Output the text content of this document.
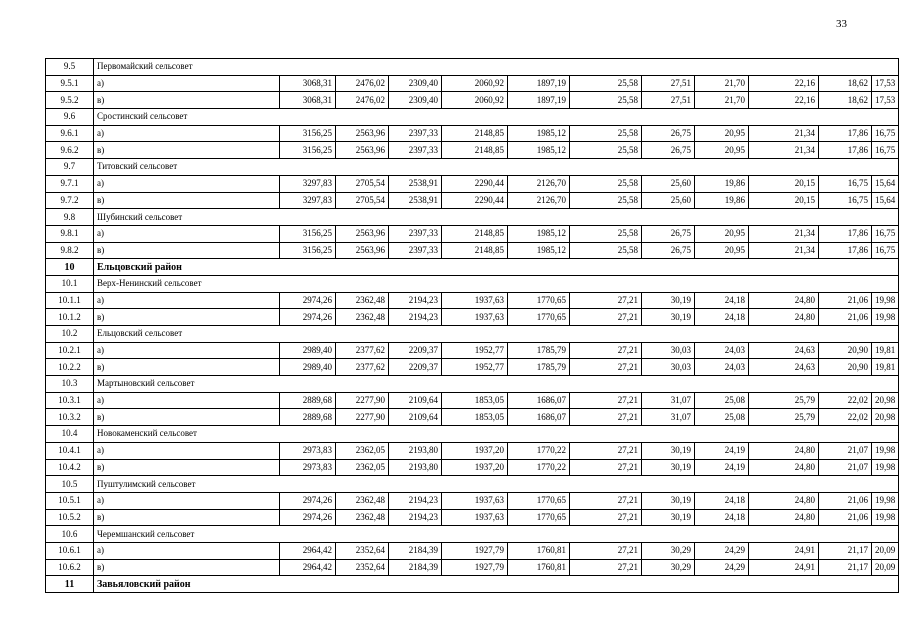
33
9.5	Первомайский сельсовет											
9.5.1	а)	3068,31	2476,02	2309,40	2060,92	1897,19	25,58	27,51	21,70	22,16	18,62	17,53
9.5.2	в)	3068,31	2476,02	2309,40	2060,92	1897,19	25,58	27,51	21,70	22,16	18,62	17,53
9.6	Сростинский сельсовет											
9.6.1	а)	3156,25	2563,96	2397,33	2148,85	1985,12	25,58	26,75	20,95	21,34	17,86	16,75
9.6.2	в)	3156,25	2563,96	2397,33	2148,85	1985,12	25,58	26,75	20,95	21,34	17,86	16,75
9.7	Титовский сельсовет											
9.7.1	а)	3297,83	2705,54	2538,91	2290,44	2126,70	25,58	25,60	19,86	20,15	16,75	15,64
9.7.2	в)	3297,83	2705,54	2538,91	2290,44	2126,70	25,58	25,60	19,86	20,15	16,75	15,64
9.8	Шубинский сельсовет											
9.8.1	а)	3156,25	2563,96	2397,33	2148,85	1985,12	25,58	26,75	20,95	21,34	17,86	16,75
9.8.2	в)	3156,25	2563,96	2397,33	2148,85	1985,12	25,58	26,75	20,95	21,34	17,86	16,75
10	Ельцовский район											
10.1	Верх-Ненинский сельсовет											
10.1.1	а)	2974,26	2362,48	2194,23	1937,63	1770,65	27,21	30,19	24,18	24,80	21,06	19,98
10.1.2	в)	2974,26	2362,48	2194,23	1937,63	1770,65	27,21	30,19	24,18	24,80	21,06	19,98
10.2	Ельцовский сельсовет											
10.2.1	а)	2989,40	2377,62	2209,37	1952,77	1785,79	27,21	30,03	24,03	24,63	20,90	19,81
10.2.2	в)	2989,40	2377,62	2209,37	1952,77	1785,79	27,21	30,03	24,03	24,63	20,90	19,81
10.3	Мартыновский сельсовет											
10.3.1	а)	2889,68	2277,90	2109,64	1853,05	1686,07	27,21	31,07	25,08	25,79	22,02	20,98
10.3.2	в)	2889,68	2277,90	2109,64	1853,05	1686,07	27,21	31,07	25,08	25,79	22,02	20,98
10.4	Новокаменский сельсовет											
10.4.1	а)	2973,83	2362,05	2193,80	1937,20	1770,22	27,21	30,19	24,19	24,80	21,07	19,98
10.4.2	в)	2973,83	2362,05	2193,80	1937,20	1770,22	27,21	30,19	24,19	24,80	21,07	19,98
10.5	Пуштулимский сельсовет											
10.5.1	а)	2974,26	2362,48	2194,23	1937,63	1770,65	27,21	30,19	24,18	24,80	21,06	19,98
10.5.2	в)	2974,26	2362,48	2194,23	1937,63	1770,65	27,21	30,19	24,18	24,80	21,06	19,98
10.6	Черемшанский сельсовет											
10.6.1	а)	2964,42	2352,64	2184,39	1927,79	1760,81	27,21	30,29	24,29	24,91	21,17	20,09
10.6.2	в)	2964,42	2352,64	2184,39	1927,79	1760,81	27,21	30,29	24,29	24,91	21,17	20,09
11	Завьяловский район											
